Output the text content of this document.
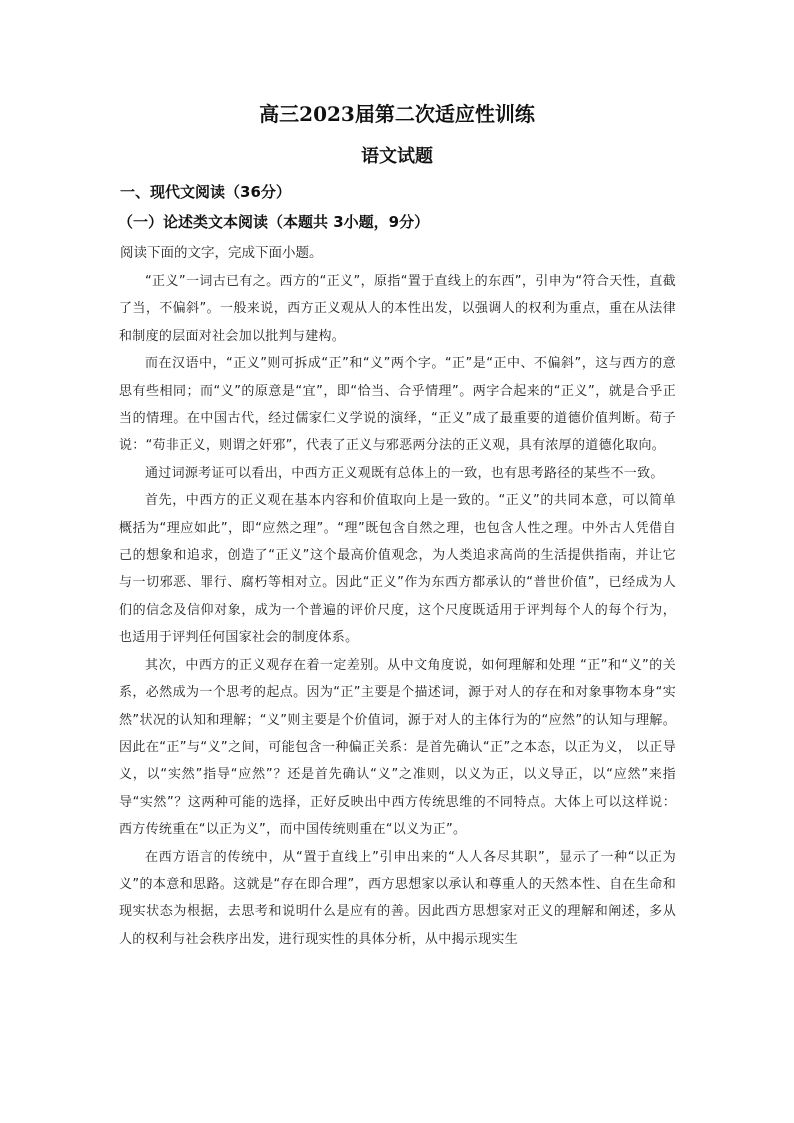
高三2023届第二次适应性训练
语文试题
一、现代文阅读（36分）
（一）论述类文本阅读（本题共 3小题，9分）

阅读下面的文字，完成下面小题。

“正义”一词古已有之。西方的“正义”，原指“置于直线上的东西”，引申为“符合天性，直截了当，不偏斜”。一般来说，西方正义观从人的本性出发，以强调人的权利为重点，重在从法律和制度的层面对社会加以批判与建构。

而在汉语中，“正义”则可拆成“正”和“义”两个字。“正”是“正中、不偏斜”，这与西方的意思有些相同；而“义”的原意是“宜”，即“恰当、合乎情理”。两字合起来的“正义”，就是合乎正当的情理。在中国古代，经过儒家仁义学说的演绎，“正义”成了最重要的道德价值判断。荀子说：“苟非正义，则谓之奸邪”，代表了正义与邪恶两分法的正义观，具有浓厚的道德化取向。

通过词源考证可以看出，中西方正义观既有总体上的一致，也有思考路径的某些不一致。

首先，中西方的正义观在基本内容和价值取向上是一致的。“正义”的共同本意，可以简单概括为“理应如此”，即“应然之理”。“理”既包含自然之理，也包含人性之理。中外古人凭借自己的想象和追求，创造了“正义”这个最高价值观念，为人类追求高尚的生活提供指南，并让它与一切邪恶、罪行、腐朽等相对立。因此“正义”作为东西方都承认的“普世价值”，已经成为人们的信念及信仰对象，成为一个普遍的评价尺度，这个尺度既适用于评判每个人的每个行为，也适用于评判任何国家社会的制度体系。

其次，中西方的正义观存在着一定差别。从中文角度说，如何理解和处理 “正”和“义”的关系，必然成为一个思考的起点。因为“正”主要是个描述词，源于对人的存在和对象事物本身“实然”状况的认知和理解；“义”则主要是个价值词，源于对人的主体行为的“应然”的认知与理解。因此在“正”与“义”之间，可能包含一种偏正关系：是首先确认“正”之本态，以正为义， 以正导义，以“实然”指导“应然”？还是首先确认“义”之准则，以义为正，以义导正，以“应然”来指导“实然”？这两种可能的选择，正好反映出中西方传统思维的不同特点。大体上可以这样说：西方传统重在“以正为义”，而中国传统则重在“以义为正”。

在西方语言的传统中，从“置于直线上”引申出来的“人人各尽其职”，显示了一种“以正为义”的本意和思路。这就是“存在即合理”，西方思想家以承认和尊重人的天然本性、自在生命和现实状态为根据，去思考和说明什么是应有的善。因此西方思想家对正义的理解和阐述，多从人的权利与社会秩序出发，进行现实性的具体分析，从中揭示现实生
